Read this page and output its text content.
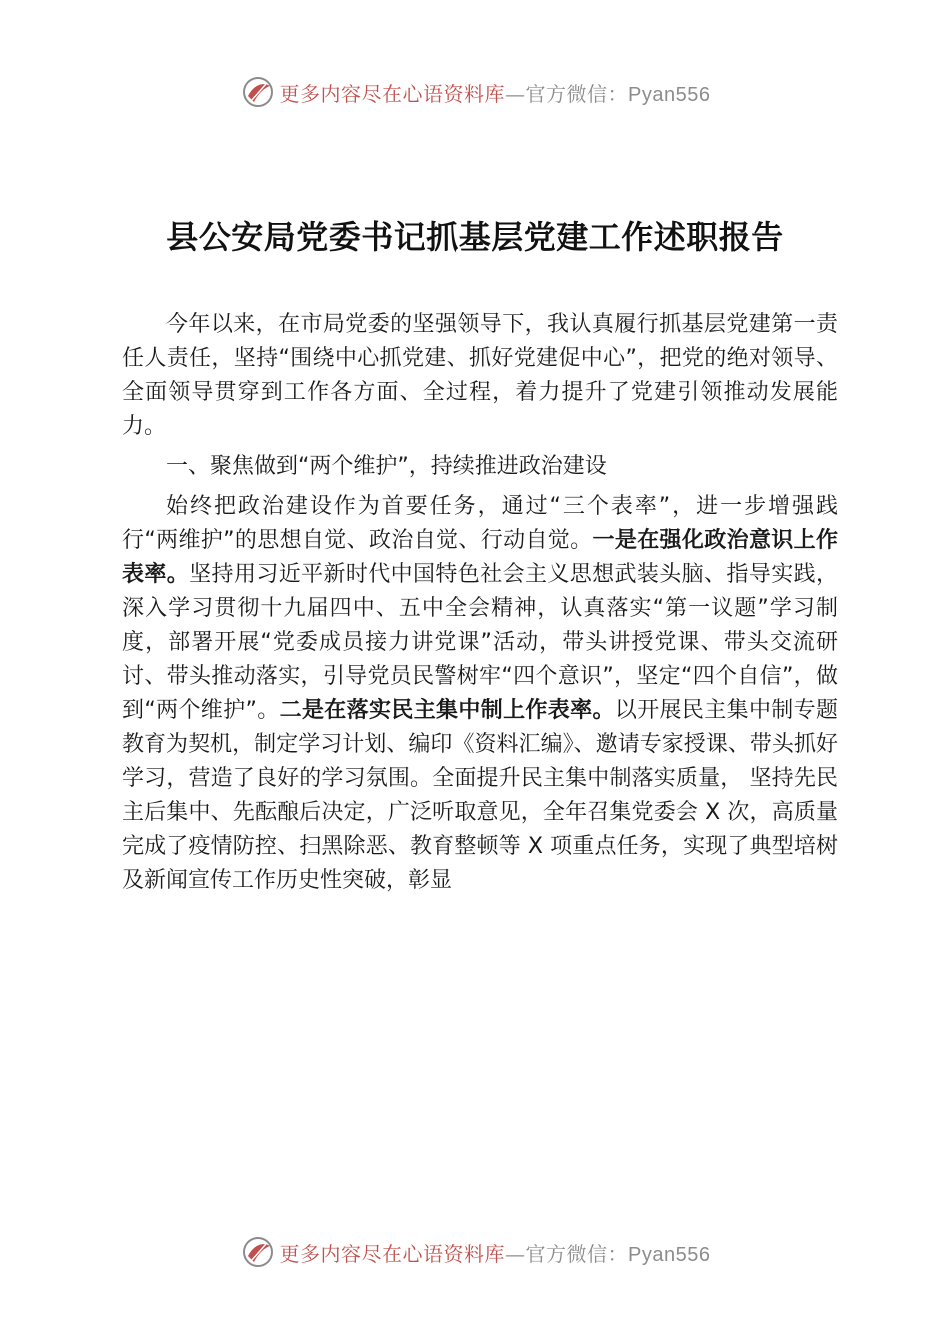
更多内容尽在心语资料库—官方微信：Pyan556
县公安局党委书记抓基层党建工作述职报告

今年以来，在市局党委的坚强领导下，我认真履行抓基层党建第一责任人责任，坚持“围绕中心抓党建、抓好党建促中心”，把党的绝对领导、全面领导贯穿到工作各方面、全过程，着力提升了党建引领推动发展能力。

一、聚焦做到“两个维护”，持续推进政治建设

始终把政治建设作为首要任务，通过“三个表率”，进一步增强践行“两维护”的思想自觉、政治自觉、行动自觉。一是在强化政治意识上作表率。坚持用习近平新时代中国特色社会主义思想武装头脑、指导实践，深入学习贯彻十九届四中、五中全会精神，认真落实“第一议题”学习制度，部署开展“党委成员接力讲党课”活动，带头讲授党课、带头交流研讨、带头推动落实，引导党员民警树牢“四个意识”，坚定“四个自信”，做到“两个维护”。二是在落实民主集中制上作表率。以开展民主集中制专题教育为契机，制定学习计划、编印《资料汇编》、邀请专家授课、带头抓好学习，营造了良好的学习氛围。全面提升民主集中制落实质量， 坚持先民主后集中、先酝酿后决定，广泛听取意见，全年召集党委会 X 次，高质量完成了疫情防控、扫黑除恶、教育整顿等 X 项重点任务，实现了典型培树及新闻宣传工作历史性突破，彰显

更多内容尽在心语资料库—官方微信：Pyan556
